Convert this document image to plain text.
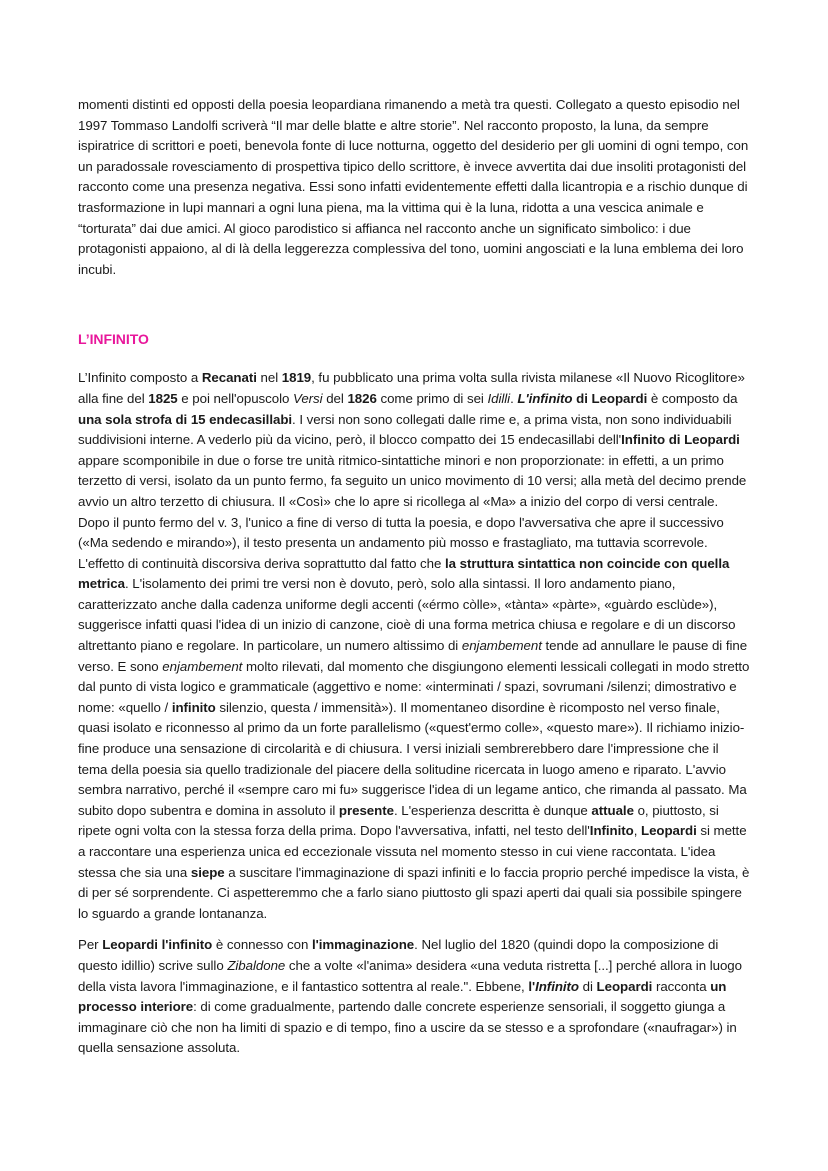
momenti distinti ed opposti della poesia leopardiana rimanendo a metà tra questi. Collegato a questo episodio nel 1997 Tommaso Landolfi scriverà “Il mar delle blatte e altre storie”. Nel racconto proposto, la luna, da sempre ispiratrice di scrittori e poeti, benevola fonte di luce notturna, oggetto del desiderio per gli uomini di ogni tempo, con un paradossale rovesciamento di prospettiva tipico dello scrittore, è invece avvertita dai due insoliti protagonisti del racconto come una presenza negativa. Essi sono infatti evidentemente effetti dalla licantropia e a rischio dunque di trasformazione in lupi mannari a ogni luna piena, ma la vittima qui è la luna, ridotta a una vescica animale e “torturata” dai due amici. Al gioco parodistico si affianca nel racconto anche un significato simbolico: i due protagonisti appaiono, al di là della leggerezza complessiva del tono, uomini angosciati e la luna emblema dei loro incubi.

L’INFINITO

L’Infinito composto a Recanati nel 1819, fu pubblicato una prima volta sulla rivista milanese «Il Nuovo Ricoglitore» alla fine del 1825 e poi nell'opuscolo Versi del 1826 come primo di sei Idilli. L'infinito di Leopardi è composto da una sola strofa di 15 endecasillabi. I versi non sono collegati dalle rime e, a prima vista, non sono individuabili suddivisioni interne. A vederlo più da vicino, però, il blocco compatto dei 15 endecasillabi dell'Infinito di Leopardi appare scomponibile in due o forse tre unità ritmico-sintattiche minori e non proporzionate: in effetti, a un primo terzetto di versi, isolato da un punto fermo, fa seguito un unico movimento di 10 versi; alla metà del decimo prende avvio un altro terzetto di chiusura. Il «Così» che lo apre si ricollega al «Ma» a inizio del corpo di versi centrale. Dopo il punto fermo del v. 3, l'unico a fine di verso di tutta la poesia, e dopo l'avversativa che apre il successivo («Ma sedendo e mirando»), il testo presenta un andamento più mosso e frastagliato, ma tuttavia scorrevole. L'effetto di continuità discorsiva deriva soprattutto dal fatto che la struttura sintattica non coincide con quella metrica. L'isolamento dei primi tre versi non è dovuto, però, solo alla sintassi. Il loro andamento piano, caratterizzato anche dalla cadenza uniforme degli accenti («érmo còlle», «tànta» «pàrte», «guàrdo esclùde»), suggerisce infatti quasi l'idea di un inizio di canzone, cioè di una forma metrica chiusa e regolare e di un discorso altrettanto piano e regolare. In particolare, un numero altissimo di enjambement tende ad annullare le pause di fine verso. E sono enjambement molto rilevati, dal momento che disgiungono elementi lessicali collegati in modo stretto dal punto di vista logico e grammaticale (aggettivo e nome: «interminati / spazi, sovrumani /silenzi; dimostrativo e nome: «quello / infinito silenzio, questa / immensità»). Il momentaneo disordine è ricomposto nel verso finale, quasi isolato e riconnesso al primo da un forte parallelismo («quest'ermo colle», «questo mare»). Il richiamo inizio-fine produce una sensazione di circolarità e di chiusura. I versi iniziali sembrerebbero dare l'impressione che il tema della poesia sia quello tradizionale del piacere della solitudine ricercata in luogo ameno e riparato. L'avvio sembra narrativo, perché il «sempre caro mi fu» suggerisce l'idea di un legame antico, che rimanda al passato. Ma subito dopo subentra e domina in assoluto il presente. L'esperienza descritta è dunque attuale o, piuttosto, si ripete ogni volta con la stessa forza della prima. Dopo l'avversativa, infatti, nel testo dell'Infinito, Leopardi si mette a raccontare una esperienza unica ed eccezionale vissuta nel momento stesso in cui viene raccontata. L'idea stessa che sia una siepe a suscitare l'immaginazione di spazi infiniti e lo faccia proprio perché impedisce la vista, è di per sé sorprendente. Ci aspetteremmo che a farlo siano piuttosto gli spazi aperti dai quali sia possibile spingere lo sguardo a grande lontananza.

Per Leopardi l'infinito è connesso con l'immaginazione. Nel luglio del 1820 (quindi dopo la composizione di questo idillio) scrive sullo Zibaldone che a volte «l'anima» desidera «una veduta ristretta [...] perché allora in luogo della vista lavora l'immaginazione, e il fantastico sottentra al reale.". Ebbene, l'Infinito di Leopardi racconta un processo interiore: di come gradualmente, partendo dalle concrete esperienze sensoriali, il soggetto giunga a immaginare ciò che non ha limiti di spazio e di tempo, fino a uscire da se stesso e a sprofondare («naufragar») in quella sensazione assoluta.
